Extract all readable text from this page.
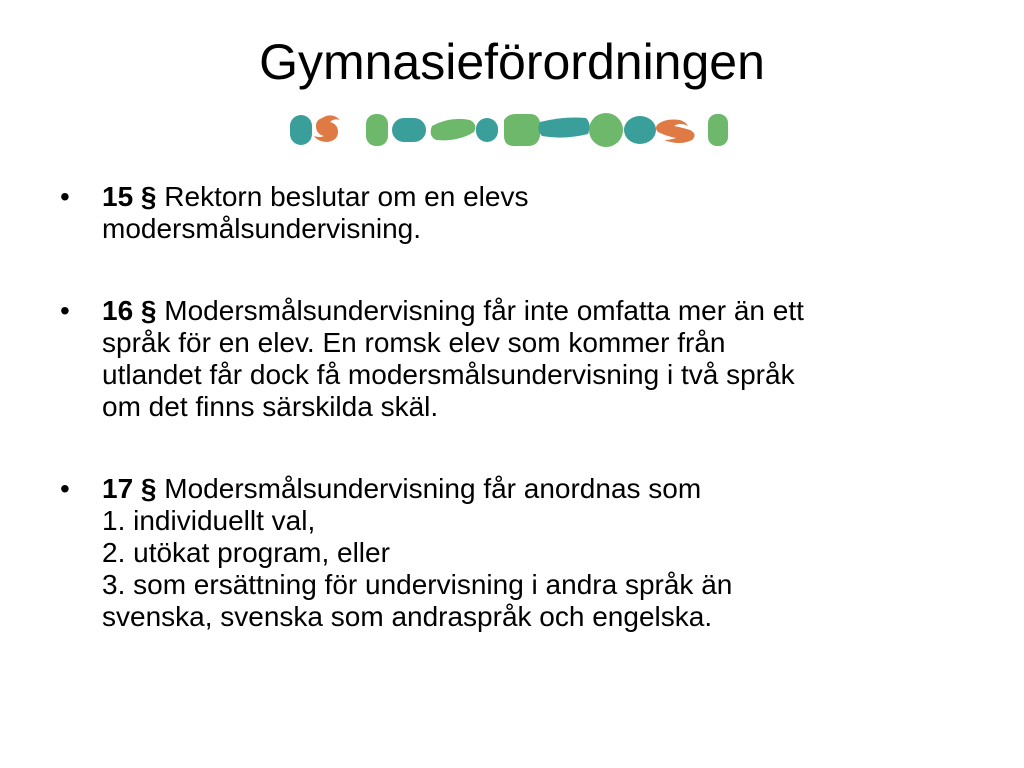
Gymnasieförordningen
•	15 § Rektorn beslutar om en elevs
modersmålsundervisning.
•	16 § Modersmålsundervisning får inte omfatta mer än ett
språk för en elev. En romsk elev som kommer från
utlandet får dock få modersmålsundervisning i två språk
om det finns särskilda skäl.
•	17 § Modersmålsundervisning får anordnas som
1. individuellt val,
2. utökat program, eller
3. som ersättning för undervisning i andra språk än
svenska, svenska som andraspråk och engelska.
